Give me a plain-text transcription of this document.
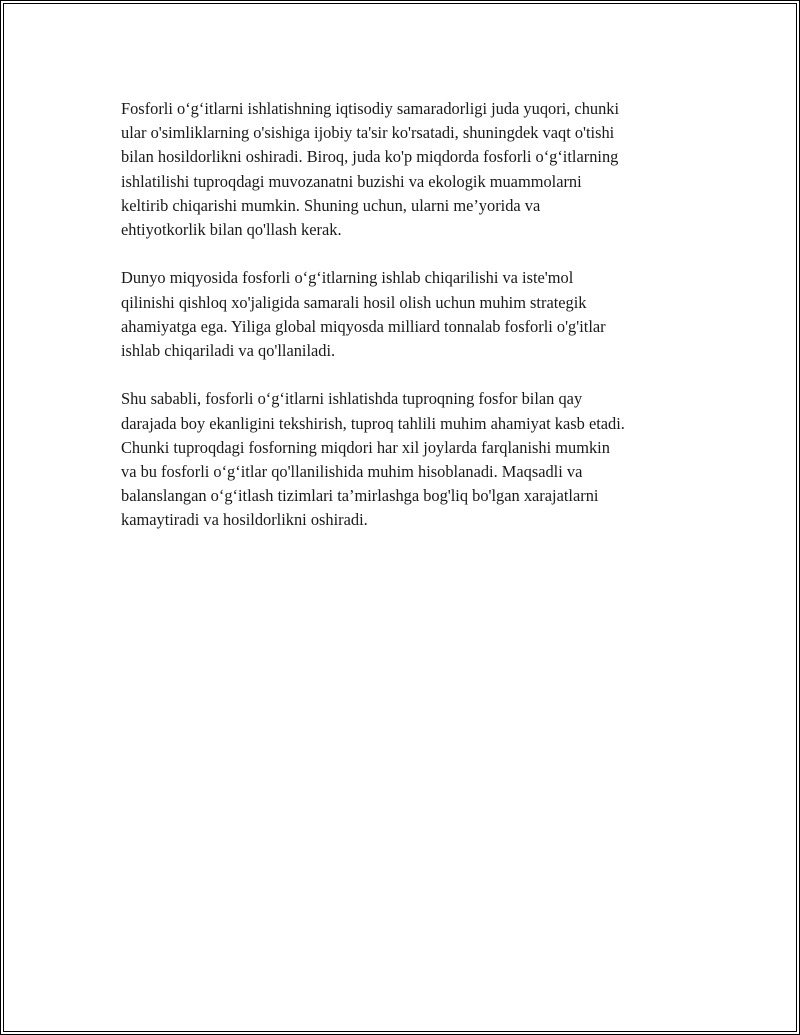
Fosforli o‘g‘itlarni ishlatishning iqtisodiy samaradorligi juda yuqori, chunki
ular o'simliklarning o'sishiga ijobiy ta'sir ko'rsatadi, shuningdek vaqt o'tishi
bilan hosildorlikni oshiradi. Biroq, juda ko'p miqdorda fosforli o‘g‘itlarning
ishlatilishi tuproqdagi muvozanatni buzishi va ekologik muammolarni
keltirib chiqarishi mumkin. Shuning uchun, ularni me’yorida va
ehtiyotkorlik bilan qo'llash kerak.

Dunyo miqyosida fosforli o‘g‘itlarning ishlab chiqarilishi va iste'mol
qilinishi qishloq xo'jaligida samarali hosil olish uchun muhim strategik
ahamiyatga ega. Yiliga global miqyosda milliard tonnalab fosforli o'g'itlar
ishlab chiqariladi va qo'llaniladi.

Shu sababli, fosforli o‘g‘itlarni ishlatishda tuproqning fosfor bilan qay
darajada boy ekanligini tekshirish, tuproq tahlili muhim ahamiyat kasb etadi.
Chunki tuproqdagi fosforning miqdori har xil joylarda farqlanishi mumkin
va bu fosforli o‘g‘itlar qo'llanilishida muhim hisoblanadi. Maqsadli va
balanslangan o‘g‘itlash tizimlari ta’mirlashga bog'liq bo'lgan xarajatlarni
kamaytiradi va hosildorlikni oshiradi.
